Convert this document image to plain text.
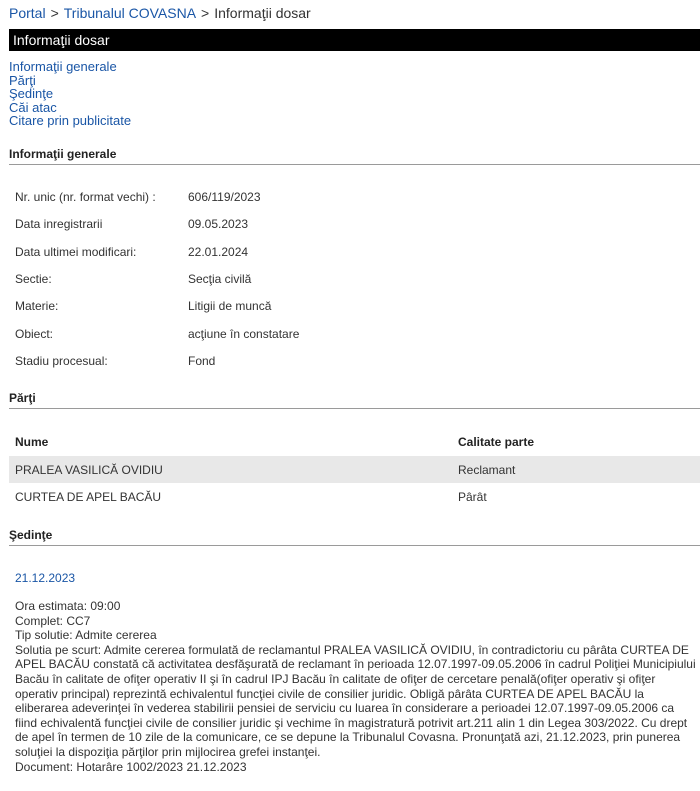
Portal > Tribunalul COVASNA > Informaţii dosar
Informaţii dosar
Informaţii generale
Părţi
Şedinţe
Căi atac
Citare prin publicitate
Informaţii generale
Nr. unic (nr. format vechi) :	606/119/2023
Data inregistrarii	09.05.2023
Data ultimei modificari:	22.01.2024
Sectie:	Secţia civilă
Materie:	Litigii de muncă
Obiect:	acţiune în constatare
Stadiu procesual:	Fond
Părţi
Nume	Calitate parte
PRALEA VASILICĂ OVIDIU	Reclamant
CURTEA DE APEL BACĂU	Pârât
Şedinţe
21.12.2023
Ora estimata: 09:00
Complet: CC7
Tip solutie: Admite cererea
Solutia pe scurt: Admite cererea formulată de reclamantul PRALEA VASILICĂ OVIDIU, în contradictoriu cu pârâta CURTEA DE APEL BACĂU constată că activitatea desfăşurată de reclamant în perioada 12.07.1997-09.05.2006 în cadrul Poliţiei Municipiului Bacău în calitate de ofiţer operativ II şi în cadrul IPJ Bacău în calitate de ofiţer de cercetare penală(ofiţer operativ şi ofiţer operativ principal) reprezintă echivalentul funcţiei civile de consilier juridic. Obligă pârâta CURTEA DE APEL BACĂU la eliberarea adeverinţei în vederea stabilirii pensiei de serviciu cu luarea în considerare a perioadei 12.07.1997-09.05.2006 ca fiind echivalentă funcţiei civile de consilier juridic şi vechime în magistratură potrivit art.211 alin 1 din Legea 303/2022. Cu drept de apel în termen de 10 zile de la comunicare, ce se depune la Tribunalul Covasna. Pronunţată azi, 21.12.2023, prin punerea soluţiei la dispoziţia părţilor prin mijlocirea grefei instanţei.
Document: Hotarâre 1002/2023 21.12.2023
